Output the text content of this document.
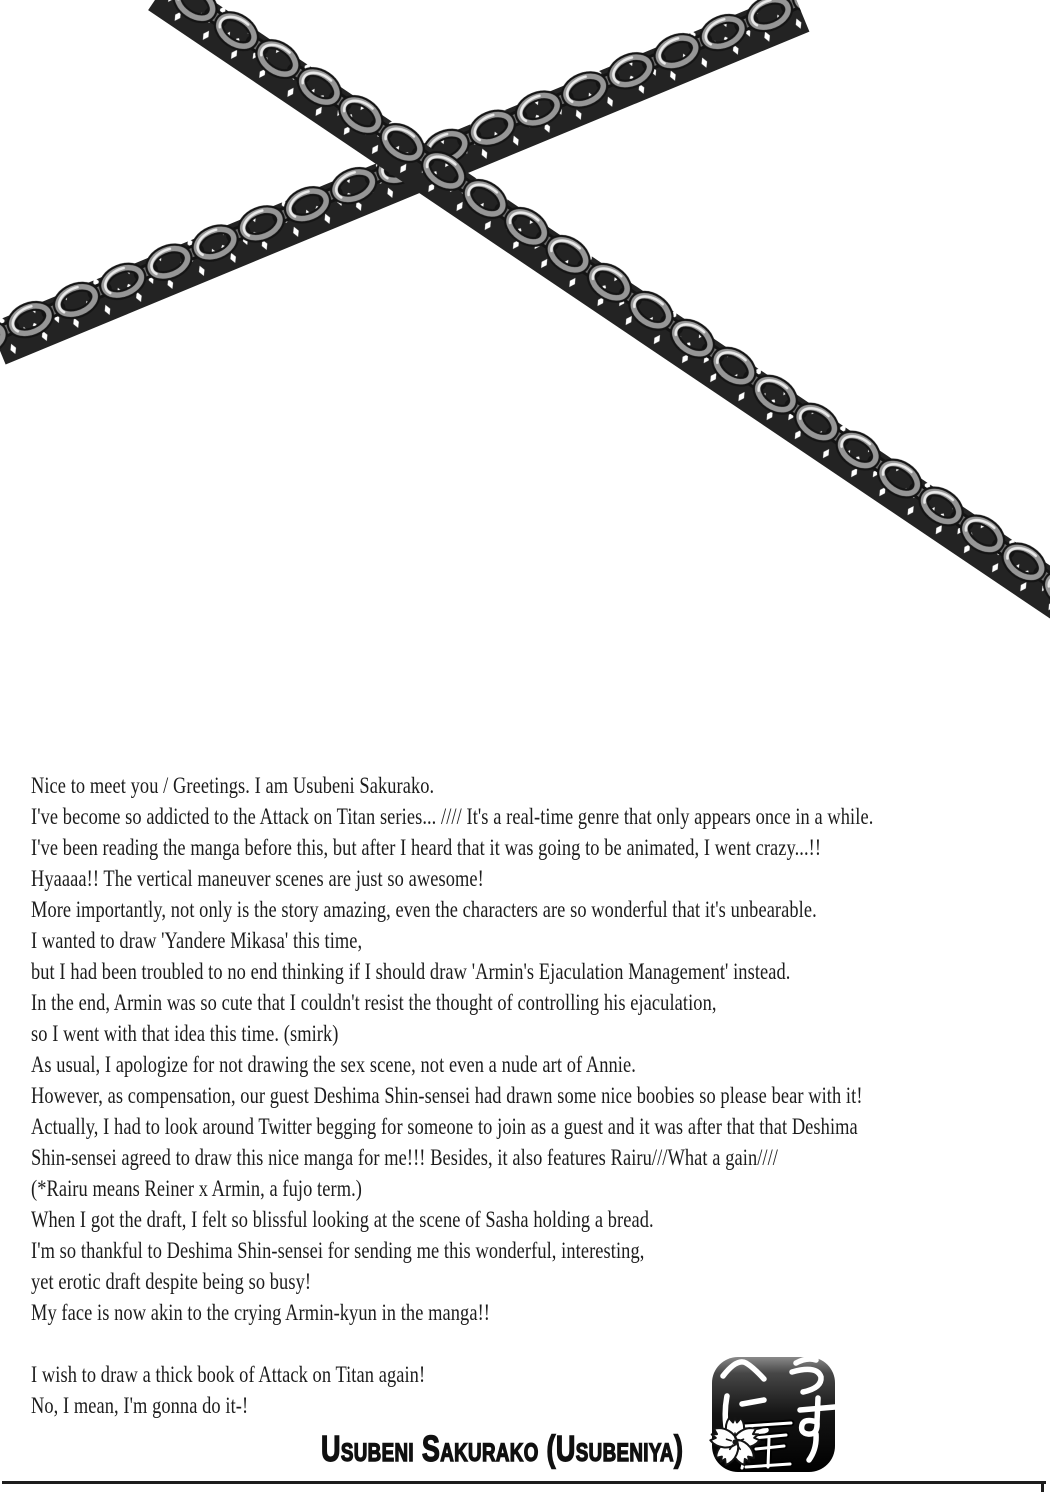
Nice to meet you / Greetings. I am Usubeni Sakurako.
I've become so addicted to the Attack on Titan series... //// It's a real-time genre that only appears once in a while.
I've been reading the manga before this, but after I heard that it was going to be animated, I went crazy...!!
Hyaaaa!! The vertical maneuver scenes are just so awesome!
More importantly, not only is the story amazing, even the characters are so wonderful that it's unbearable.
I wanted to draw 'Yandere Mikasa' this time,
but I had been troubled to no end thinking if I should draw 'Armin's Ejaculation Management' instead.
In the end, Armin was so cute that I couldn't resist the thought of controlling his ejaculation,
so I went with that idea this time. (smirk)
As usual, I apologize for not drawing the sex scene, not even a nude art of Annie.
However, as compensation, our guest Deshima Shin-sensei had drawn some nice boobies so please bear with it!
Actually, I had to look around Twitter begging for someone to join as a guest and it was after that that Deshima
Shin-sensei agreed to draw this nice manga for me!!! Besides, it also features Rairu///What a gain////
(*Rairu means Reiner x Armin, a fujo term.)
When I got the draft, I felt so blissful looking at the scene of Sasha holding a bread.
I'm so thankful to Deshima Shin-sensei for sending me this wonderful, interesting,
yet erotic draft despite being so busy!
My face is now akin to the crying Armin-kyun in the manga!!
I wish to draw a thick book of Attack on Titan again!
No, I mean, I'm gonna do it-!
Usubeni Sakurako (Usubeniya)
